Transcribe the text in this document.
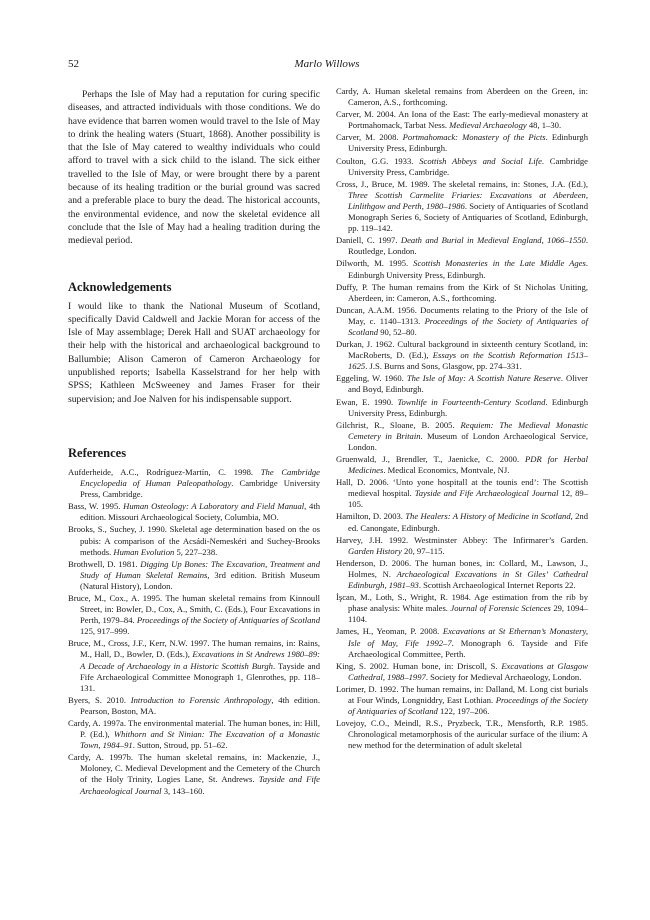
52	Marlo Willows

Perhaps the Isle of May had a reputation for curing specific diseases, and attracted individuals with those conditions. We do have evidence that barren women would travel to the Isle of May to drink the healing waters (Stuart, 1868). Another possibility is that the Isle of May catered to wealthy individuals who could afford to travel with a sick child to the island. The sick either travelled to the Isle of May, or were brought there by a parent because of its healing tradition or the burial ground was sacred and a preferable place to bury the dead. The historical accounts, the environmental evidence, and now the skeletal evidence all conclude that the Isle of May had a healing tradition during the medieval period.

Acknowledgements

I would like to thank the National Museum of Scotland, specifically David Caldwell and Jackie Moran for access of the Isle of May assemblage; Derek Hall and SUAT archaeology for their help with the historical and archaeological background to Ballumbie; Alison Cameron of Cameron Archaeology for unpublished reports; Isabella Kasselstrand for her help with SPSS; Kathleen McSweeney and James Fraser for their supervision; and Joe Nalven for his indispensable support.

References

Aufderheide, A.C., Rodríguez-Martín, C. 1998. The Cambridge Encyclopedia of Human Paleopathology. Cambridge University Press, Cambridge.

Bass, W. 1995. Human Osteology: A Laboratory and Field Manual, 4th edition. Missouri Archaeological Society, Columbia, MO.

Brooks, S., Suchey, J. 1990. Skeletal age determination based on the os pubis: A comparison of the Acsádi-Nemeskéri and Suchey-Brooks methods. Human Evolution 5, 227–238.

Brothwell, D. 1981. Digging Up Bones: The Excavation, Treatment and Study of Human Skeletal Remains, 3rd edition. British Museum (Natural History), London.

Bruce, M., Cox., A. 1995. The human skeletal remains from Kinnoull Street, in: Bowler, D., Cox, A., Smith, C. (Eds.), Four Excavations in Perth, 1979–84. Proceedings of the Society of Antiquaries of Scotland 125, 917–999.

Bruce, M., Cross, J.F., Kerr, N.W. 1997. The human remains, in: Rains, M., Hall, D., Bowler, D. (Eds.), Excavations in St Andrews 1980–89: A Decade of Archaeology in a Historic Scottish Burgh. Tayside and Fife Archaeological Committee Monograph 1, Glenrothes, pp. 118–131.

Byers, S. 2010. Introduction to Forensic Anthropology, 4th edition. Pearson, Boston, MA.

Cardy, A. 1997a. The environmental material. The human bones, in: Hill, P. (Ed.), Whithorn and St Ninian: The Excavation of a Monastic Town, 1984–91. Sutton, Stroud, pp. 51–62.

Cardy, A. 1997b. The human skeletal remains, in: Mackenzie, J., Moloney, C. Medieval Development and the Cemetery of the Church of the Holy Trinity, Logies Lane, St. Andrews. Tayside and Fife Archaeological Journal 3, 143–160.

Cardy, A. Human skeletal remains from Aberdeen on the Green, in: Cameron, A.S., forthcoming.

Carver, M. 2004. An Iona of the East: The early-medieval monastery at Portmahomack, Tarbat Ness. Medieval Archaeology 48, 1–30.

Carver, M. 2008. Portmahomack: Monastery of the Picts. Edinburgh University Press, Edinburgh.

Coulton, G.G. 1933. Scottish Abbeys and Social Life. Cambridge University Press, Cambridge.

Cross, J., Bruce, M. 1989. The skeletal remains, in: Stones, J.A. (Ed.), Three Scottish Carmelite Friaries: Excavations at Aberdeen, Linlithgow and Perth, 1980–1986. Society of Antiquaries of Scotland Monograph Series 6, Society of Antiquaries of Scotland, Edinburgh, pp. 119–142.

Daniell, C. 1997. Death and Burial in Medieval England, 1066–1550. Routledge, London.

Dilworth, M. 1995. Scottish Monasteries in the Late Middle Ages. Edinburgh University Press, Edinburgh.

Duffy, P. The human remains from the Kirk of St Nicholas Uniting, Aberdeen, in: Cameron, A.S., forthcoming.

Duncan, A.A.M. 1956. Documents relating to the Priory of the Isle of May, c. 1140–1313. Proceedings of the Society of Antiquaries of Scotland 90, 52–80.

Durkan, J. 1962. Cultural background in sixteenth century Scotland, in: MacRoberts, D. (Ed.), Essays on the Scottish Reformation 1513–1625. J.S. Burns and Sons, Glasgow, pp. 274–331.

Eggeling, W. 1960. The Isle of May: A Scottish Nature Reserve. Oliver and Boyd, Edinburgh.

Ewan, E. 1990. Townlife in Fourteenth-Century Scotland. Edinburgh University Press, Edinburgh.

Gilchrist, R., Sloane, B. 2005. Requiem: The Medieval Monastic Cemetery in Britain. Museum of London Archaeological Service, London.

Gruenwald, J., Brendler, T., Jaenicke, C. 2000. PDR for Herbal Medicines. Medical Economics, Montvale, NJ.

Hall, D. 2006. ‘Unto yone hospitall at the tounis end’: The Scottish medieval hospital. Tayside and Fife Archaeological Journal 12, 89–105.

Hamilton, D. 2003. The Healers: A History of Medicine in Scotland, 2nd ed. Canongate, Edinburgh.

Harvey, J.H. 1992. Westminster Abbey: The Infirmarer’s Garden. Garden History 20, 97–115.

Henderson, D. 2006. The human bones, in: Collard, M., Lawson, J., Holmes, N. Archaeological Excavations in St Giles’ Cathedral Edinburgh, 1981–93. Scottish Archaeological Internet Reports 22.

İşcan, M., Loth, S., Wright, R. 1984. Age estimation from the rib by phase analysis: White males. Journal of Forensic Sciences 29, 1094–1104.

James, H., Yeoman, P. 2008. Excavations at St Ethernan’s Monastery, Isle of May, Fife 1992–7. Monograph 6. Tayside and Fife Archaeological Committee, Perth.

King, S. 2002. Human bone, in: Driscoll, S. Excavations at Glasgow Cathedral, 1988–1997. Society for Medieval Archaeology, London.

Lorimer, D. 1992. The human remains, in: Dalland, M. Long cist burials at Four Winds, Longniddry, East Lothian. Proceedings of the Society of Antiquaries of Scotland 122, 197–206.

Lovejoy, C.O., Meindl, R.S., Pryzbeck, T.R., Mensforth, R.P. 1985. Chronological metamorphosis of the auricular surface of the ilium: A new method for the determination of adult skeletal
